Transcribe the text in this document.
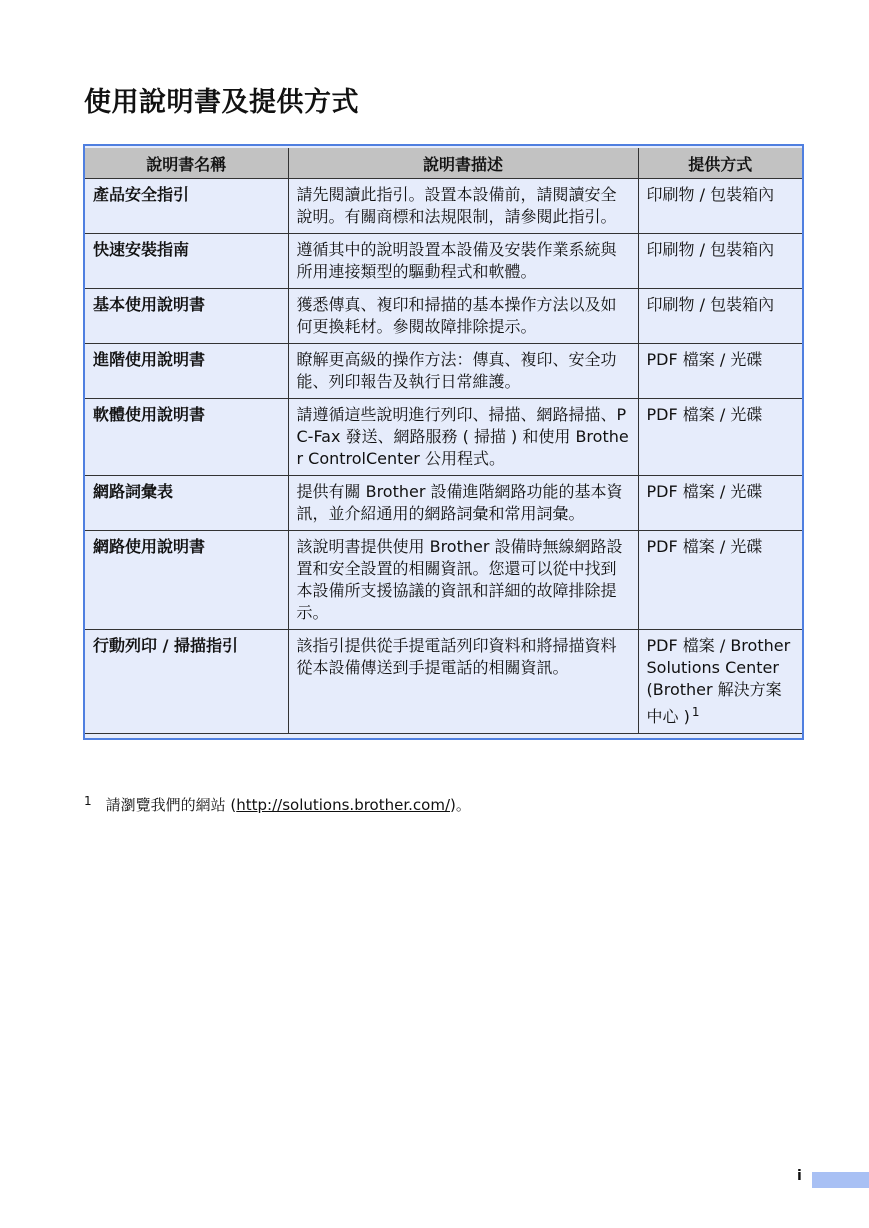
使用說明書及提供方式
說明書名稱	說明書描述	提供方式
產品安全指引	請先閱讀此指引。設置本設備前，請閱讀安全說明。有關商標和法規限制，請參閱此指引。	印刷物 / 包裝箱內
快速安裝指南	遵循其中的說明設置本設備及安裝作業系統與所用連接類型的驅動程式和軟體。	印刷物 / 包裝箱內
基本使用說明書	獲悉傳真、複印和掃描的基本操作方法以及如何更換耗材。參閱故障排除提示。	印刷物 / 包裝箱內
進階使用說明書	瞭解更高級的操作方法：傳真、複印、安全功能、列印報告及執行日常維護。	PDF 檔案 / 光碟
軟體使用說明書	請遵循這些說明進行列印、掃描、網路掃描、PC-Fax 發送、網路服務 ( 掃描 ) 和使用 Brother ControlCenter 公用程式。	PDF 檔案 / 光碟
網路詞彙表	提供有關 Brother 設備進階網路功能的基本資訊，並介紹通用的網路詞彙和常用詞彙。	PDF 檔案 / 光碟
網路使用說明書	該說明書提供使用 Brother 設備時無線網路設置和安全設置的相關資訊。您還可以從中找到本設備所支援協議的資訊和詳細的故障排除提示。	PDF 檔案 / 光碟
行動列印 / 掃描指引	該指引提供從手提電話列印資料和將掃描資料從本設備傳送到手提電話的相關資訊。	PDF 檔案 / Brother Solutions Center (Brother 解決方案中心 ) $^1$
$^1$ 請瀏覽我們的網站 (http://solutions.brother.com/)。
i
